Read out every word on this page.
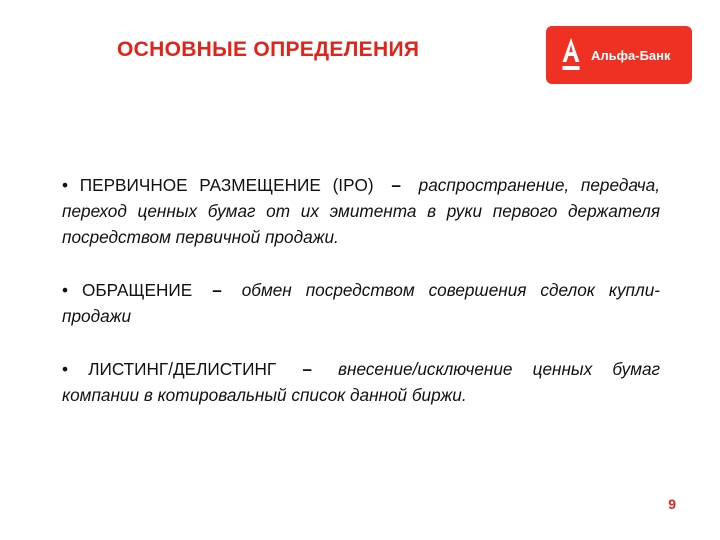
ОСНОВНЫЕ ОПРЕДЕЛЕНИЯ	Альфа-Банк
• ПЕРВИЧНОЕ РАЗМЕЩЕНИЕ (IPO) – распространение, передача, переход ценных бумаг от их эмитента в руки первого держателя посредством первичной продажи.
• ОБРАЩЕНИЕ – обмен посредством совершения сделок купли-продажи
• ЛИСТИНГ/ДЕЛИСТИНГ – внесение/исключение ценных бумаг компании в котировальный список данной биржи.
9
